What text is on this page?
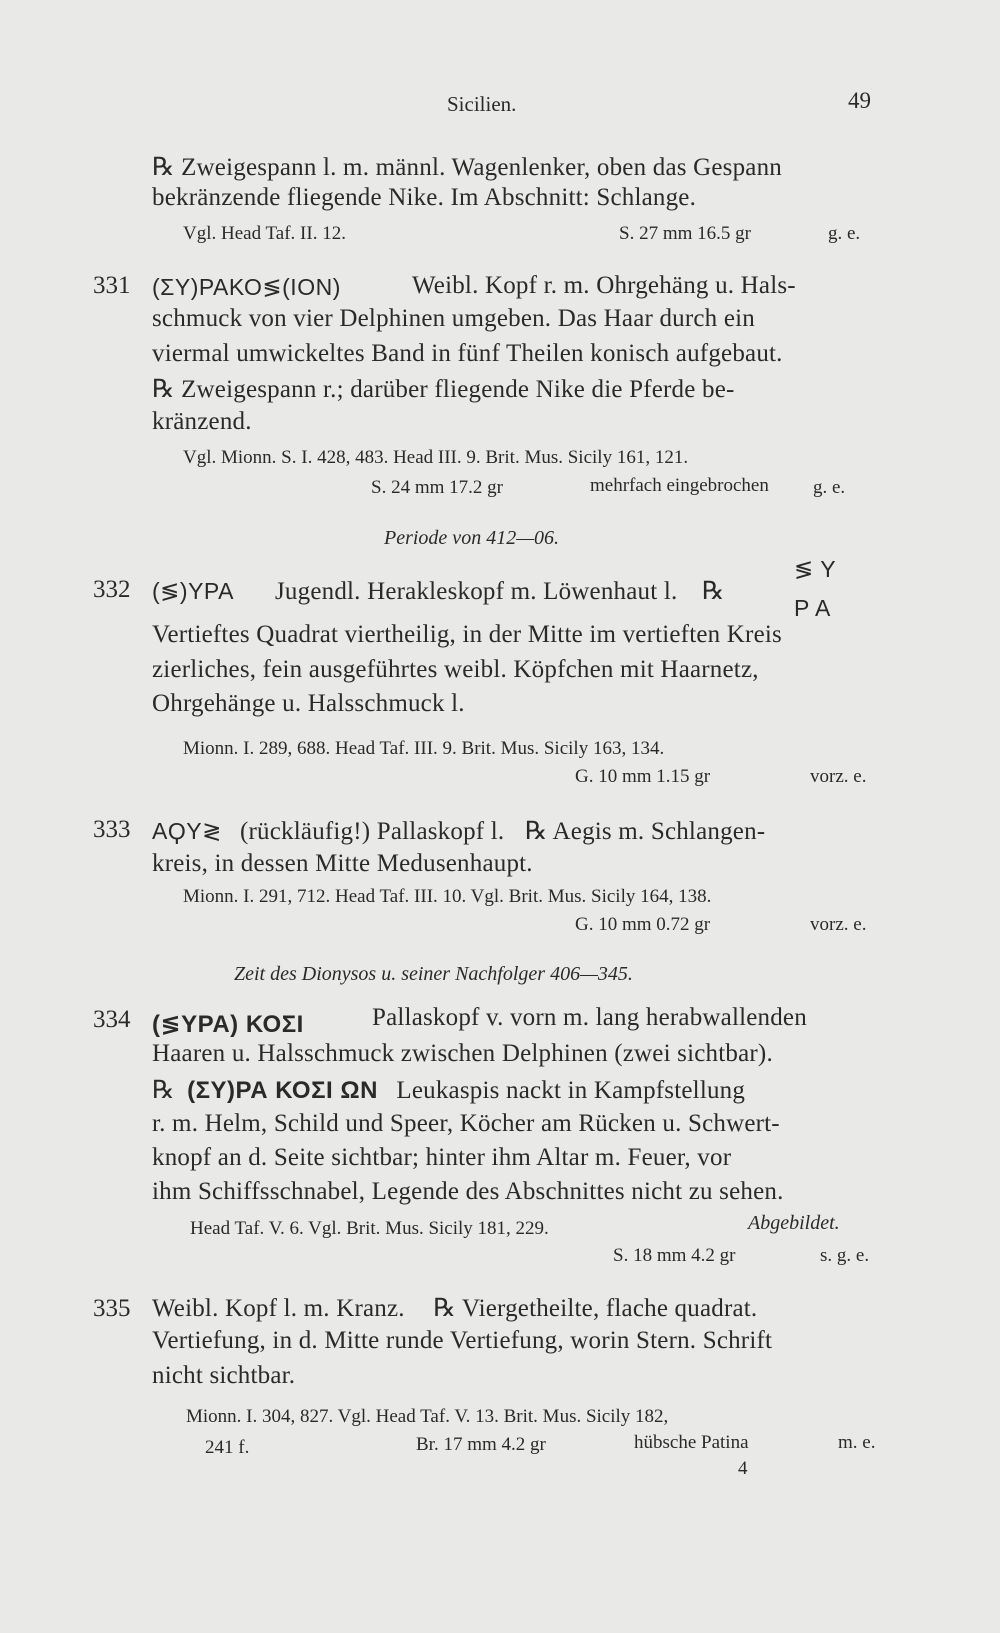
Sicilien.	49
℞ Zweigespann l. m. männl. Wagenlenker, oben das Gespann
bekränzende fliegende Nike. Im Abschnitt: Schlange.
Vgl. Head Taf. II. 12.	S. 27 mm 16.5 gr	g. e.
331 (ΣΥ)ΡΑΚΟ≶(ΙΟΝ)	Weibl. Kopf r. m. Ohrgehäng u. Hals-
schmuck von vier Delphinen umgeben. Das Haar durch ein
viermal umwickeltes Band in fünf Theilen konisch aufgebaut.
℞ Zweigespann r.; darüber fliegende Nike die Pferde be-
kränzend.
Vgl. Mionn. S. I. 428, 483. Head III. 9. Brit. Mus. Sicily 161, 121.
S. 24 mm 17.2 gr	mehrfach eingebrochen g. e.
Periode von 412—06.
332 (≶)ΥΡΑ Jugendl. Herakleskopf m. Löwenhaut l. ℞
≶ Υ
Ρ Α
Vertieftes Quadrat viertheilig, in der Mitte im vertieften Kreis
zierliches, fein ausgeführtes weibl. Köpfchen mit Haarnetz,
Ohrgehänge u. Halsschmuck l.
Mionn. I. 289, 688. Head Taf. III. 9. Brit. Mus. Sicily 163, 134.
G. 10 mm 1.15 gr	vorz. e.
333 ΑϘΥ≷ (rückläufig!) Pallaskopf l. ℞ Aegis m. Schlangen-
kreis, in dessen Mitte Medusenhaupt.
Mionn. I. 291, 712. Head Taf. III. 10. Vgl. Brit. Mus. Sicily 164, 138.
G. 10 mm 0.72 gr	vorz. e.
Zeit des Dionysos u. seiner Nachfolger 406—345.
334 (≶ΥΡΑ) ΚΟΣΙ	Pallaskopf v. vorn m. lang herabwallenden
Haaren u. Halsschmuck zwischen Delphinen (zwei sichtbar).
℞ (ΣΥ)ΡΑ ΚΟΣΙ ΩΝ Leukaspis nackt in Kampfstellung
r. m. Helm, Schild und Speer, Köcher am Rücken u. Schwert-
knopf an d. Seite sichtbar; hinter ihm Altar m. Feuer, vor
ihm Schiffsschnabel, Legende des Abschnittes nicht zu sehen.
Head Taf. V. 6. Vgl. Brit. Mus. Sicily 181, 229.	Abgebildet.
S. 18 mm 4.2 gr	s. g. e.
335 Weibl. Kopf l. m. Kranz. ℞ Viergetheilte, flache quadrat.
Vertiefung, in d. Mitte runde Vertiefung, worin Stern. Schrift
nicht sichtbar.
Mionn. I. 304, 827. Vgl. Head Taf. V. 13. Brit. Mus. Sicily 182,
241 f.	Br. 17 mm 4.2 gr	hübsche Patina	m. e.
4
